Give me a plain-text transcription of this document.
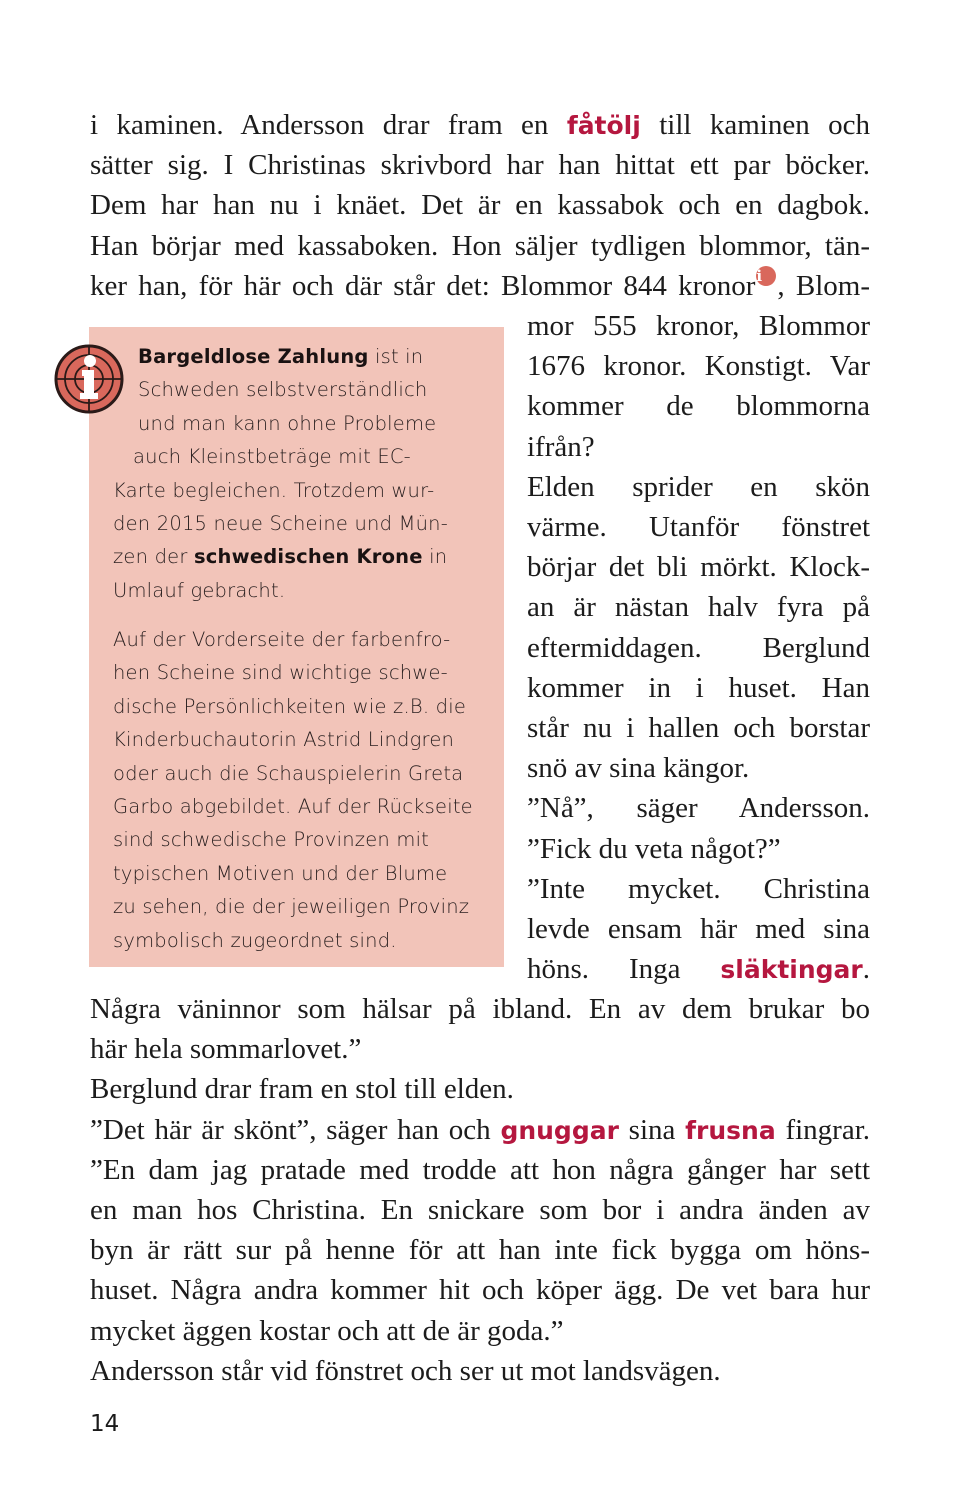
i kaminen. Andersson drar fram en fåtölj till kaminen och
sätter sig. I Christinas skrivbord har han hittat ett par böcker.
Dem har han nu i knäet. Det är en kassabok och en dagbok.
Han börjar med kassaboken. Hon säljer tydligen blommor, tän-
ker han, för här och där står det: Blommor 844 kronori , Blom-
Bargeldlose Zahlung ist in
Schweden selbstverständlich
und man kann ohne Probleme
auch Kleinstbeträge mit EC-
Karte begleichen. Trotzdem wur-
den 2015 neue Scheine und Mün-
zen der schwedischen Krone in
Umlauf gebracht.
Auf der Vorderseite der farbenfro-
hen Scheine sind wichtige schwe-
dische Persönlichkeiten wie z.B. die
Kinderbuchautorin Astrid Lindgren
oder auch die Schauspielerin Greta
Garbo abgebildet. Auf der Rückseite
sind schwedische Provinzen mit
typischen Motiven und der Blume
zu sehen, die der jeweiligen Provinz
symbolisch zugeordnet sind.
mor 555 kronor, Blommor
1676 kronor. Konstigt. Var
kommer de blommorna
ifrån?
Elden sprider en skön
värme. Utanför fönstret
börjar det bli mörkt. Klock-
an är nästan halv fyra på
eftermiddagen. Berglund
kommer in i huset. Han
står nu i hallen och borstar
snö av sina kängor.
”Nå”, säger Andersson.
”Fick du veta något?”
”Inte mycket. Christina
levde ensam här med sina
höns. Inga släktingar.
Några väninnor som hälsar på ibland. En av dem brukar bo
här hela sommarlovet.”
Berglund drar fram en stol till elden.
”Det här är skönt”, säger han och gnuggar sina frusna fingrar.
”En dam jag pratade med trodde att hon några gånger har sett
en man hos Christina. En snickare som bor i andra änden av
byn är rätt sur på henne för att han inte fick bygga om höns-
huset. Några andra kommer hit och köper ägg. De vet bara hur
mycket äggen kostar och att de är goda.”
Andersson står vid fönstret och ser ut mot landsvägen.
14
